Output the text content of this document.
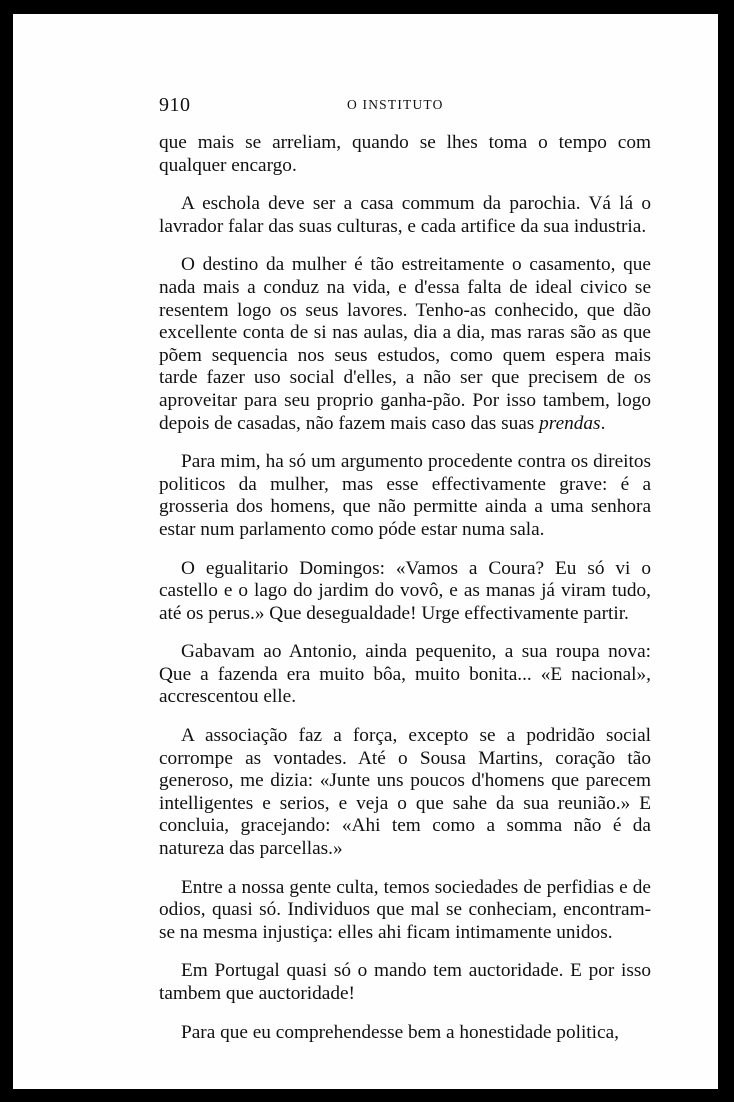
910	O INSTITUTO

que mais se arreliam, quando se lhes toma o tempo com qualquer encargo.

A eschola deve ser a casa commum da parochia. Vá lá o lavrador falar das suas culturas, e cada artifice da sua industria.

O destino da mulher é tão estreitamente o casamento, que nada mais a conduz na vida, e d'essa falta de ideal civico se resentem logo os seus lavores. Tenho-as conhecido, que dão excellente conta de si nas aulas, dia a dia, mas raras são as que põem sequencia nos seus estudos, como quem espera mais tarde fazer uso social d'elles, a não ser que precisem de os aproveitar para seu proprio ganha-pão. Por isso tambem, logo depois de casadas, não fazem mais caso das suas prendas.

Para mim, ha só um argumento procedente contra os direitos politicos da mulher, mas esse effectivamente grave: é a grosseria dos homens, que não permitte ainda a uma senhora estar num parlamento como póde estar numa sala.

O egualitario Domingos: «Vamos a Coura? Eu só vi o castello e o lago do jardim do vovô, e as manas já viram tudo, até os perus.» Que desegualdade! Urge effectivamente partir.

Gabavam ao Antonio, ainda pequenito, a sua roupa nova: Que a fazenda era muito bôa, muito bonita... «E nacional», accrescentou elle.

A associação faz a força, excepto se a podridão social corrompe as vontades. Até o Sousa Martins, coração tão generoso, me dizia: «Junte uns poucos d'homens que parecem intelligentes e serios, e veja o que sahe da sua reunião.» E concluia, gracejando: «Ahi tem como a somma não é da natureza das parcellas.»

Entre a nossa gente culta, temos sociedades de perfidias e de odios, quasi só. Individuos que mal se conheciam, encontram-se na mesma injustiça: elles ahi ficam intimamente unidos.

Em Portugal quasi só o mando tem auctoridade. E por isso tambem que auctoridade!

Para que eu comprehendesse bem a honestidade politica,
